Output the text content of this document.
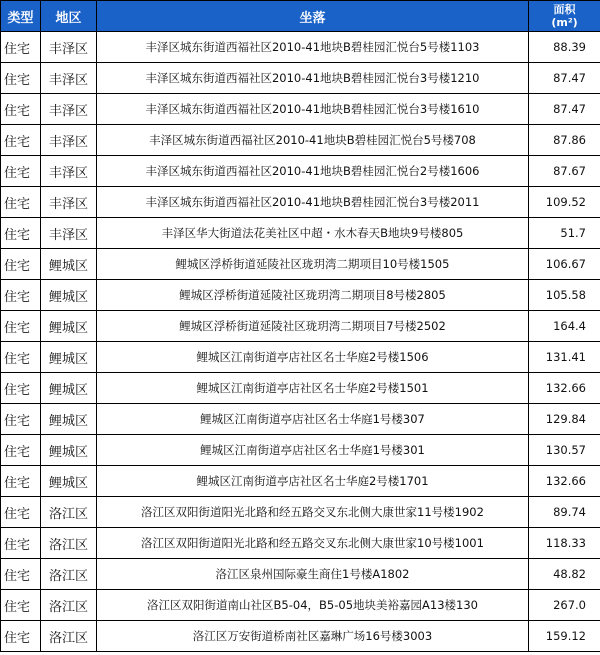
类型	地区	坐落	面积
(m²)

住宅	丰泽区	丰泽区城东街道西福社区2010-41地块B碧桂园汇悦台5号楼1103	88.39
住宅	丰泽区	丰泽区城东街道西福社区2010-41地块B碧桂园汇悦台3号楼1210	87.47
住宅	丰泽区	丰泽区城东街道西福社区2010-41地块B碧桂园汇悦台3号楼1610	87.47
住宅	丰泽区	丰泽区城东街道西福社区2010-41地块B碧桂园汇悦台5号楼708	87.86
住宅	丰泽区	丰泽区城东街道西福社区2010-41地块B碧桂园汇悦台2号楼1606	87.67
住宅	丰泽区	丰泽区城东街道西福社区2010-41地块B碧桂园汇悦台3号楼2011	109.52
住宅	丰泽区	丰泽区华大街道法花美社区中超・水木春天B地块9号楼805	51.7
住宅	鲤城区	鲤城区浮桥街道延陵社区珑玥湾二期项目10号楼1505	106.67
住宅	鲤城区	鲤城区浮桥街道延陵社区珑玥湾二期项目8号楼2805	105.58
住宅	鲤城区	鲤城区浮桥街道延陵社区珑玥湾二期项目7号楼2502	164.4
住宅	鲤城区	鲤城区江南街道亭店社区名士华庭2号楼1506	131.41
住宅	鲤城区	鲤城区江南街道亭店社区名士华庭2号楼1501	132.66
住宅	鲤城区	鲤城区江南街道亭店社区名士华庭1号楼307	129.84
住宅	鲤城区	鲤城区江南街道亭店社区名士华庭1号楼301	130.57
住宅	鲤城区	鲤城区江南街道亭店社区名士华庭2号楼1701	132.66
住宅	洛江区	洛江区双阳街道阳光北路和经五路交叉东北侧大康世家11号楼1902	89.74
住宅	洛江区	洛江区双阳街道阳光北路和经五路交叉东北侧大康世家10号楼1001	118.33
住宅	洛江区	洛江区泉州国际豪生商住1号楼A1802	48.82
住宅	洛江区	洛江区双阳街道南山社区B5-04，B5-05地块美裕嘉园A13楼130	267.0
住宅	洛江区	洛江区万安街道桥南社区嘉琳广场16号楼3003	159.12
